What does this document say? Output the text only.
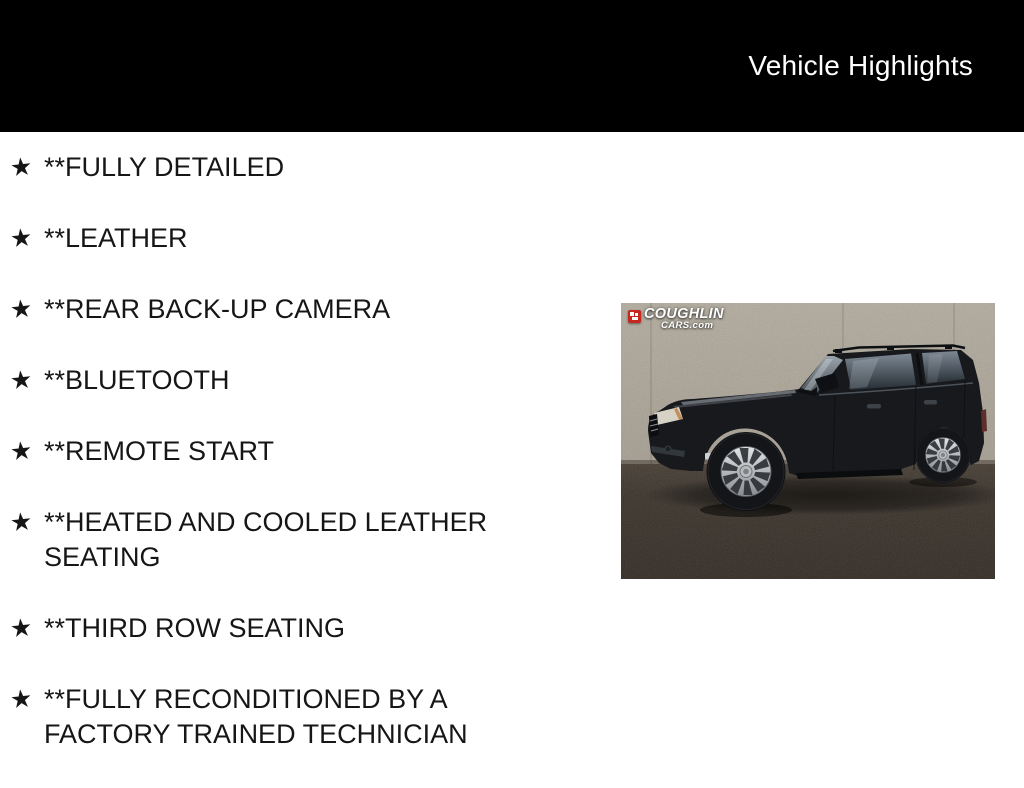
Vehicle Highlights
★ **FULLY DETAILED
★ **LEATHER
★ **REAR BACK-UP CAMERA
★ **BLUETOOTH
★ **REMOTE START
★ **HEATED AND COOLED LEATHER SEATING
★ **THIRD ROW SEATING
★ **FULLY RECONDITIONED BY A FACTORY TRAINED TECHNICIAN
COUGHLIN
CARS.com
